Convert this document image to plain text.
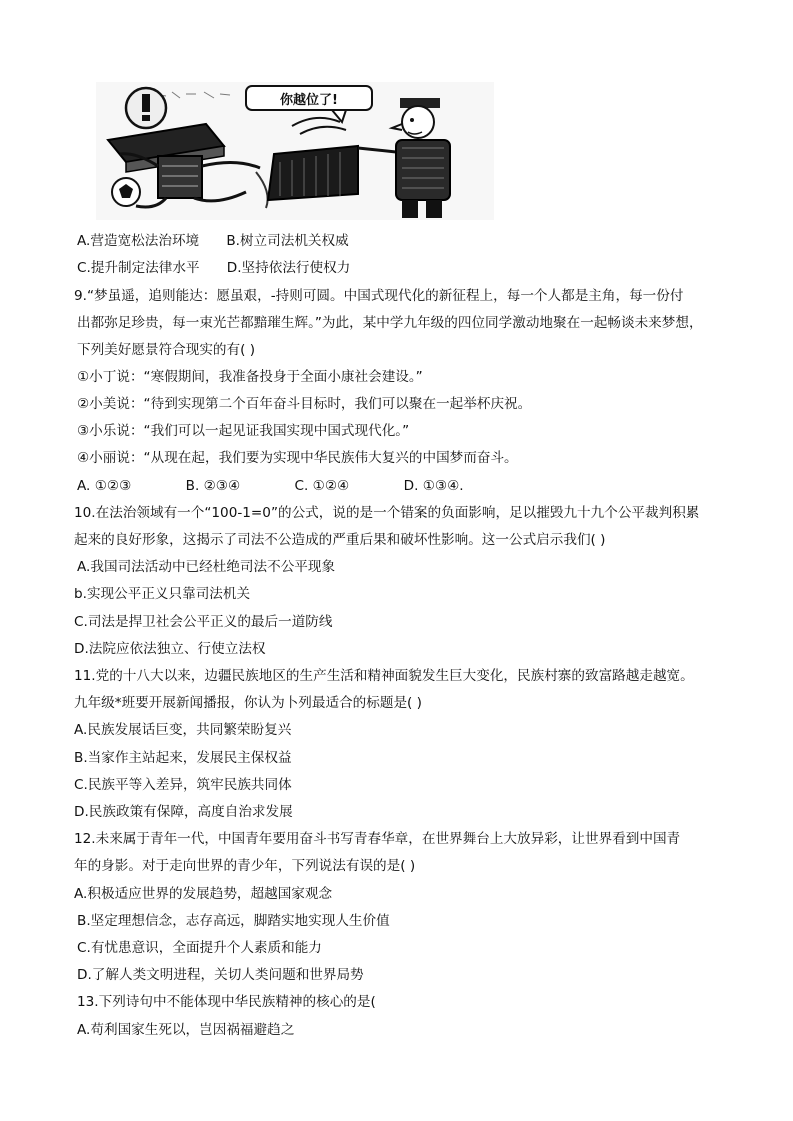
你越位了!
A.营造宽松法治环境　　B.树立司法机关权威
C.提升制定法律水平　　D.坚持依法行使权力
9.“梦虽遥，追则能达：愿虽艰，-持则可圆。中国式现代化的新征程上，每一个人都是主角，每一份付
出都弥足珍贵，每一束光芒都黯璀生辉。”为此，某中学九年级的四位同学激动地聚在一起畅谈未来梦想，
下列美好愿景符合现实的有( )
①小丁说：“寒假期间，我准备投身于全面小康社会建设。”
②小美说：“待到实现第二个百年奋斗目标时，我们可以聚在一起举杯庆祝。
③小乐说：“我们可以一起见证我国实现中国式现代化。”
④小丽说：“从现在起，我们要为实现中华民族伟大复兴的中国梦而奋斗。
A. ①②③　　　　B. ②③④　　　　C. ①②④　　　　D. ①③④.
10.在法治领域有一个“100-1=0”的公式，说的是一个错案的负面影响，足以摧毁九十九个公平裁判积累
起来的良好形象，这揭示了司法不公造成的严重后果和破坏性影响。这一公式启示我们( )
A.我国司法活动中已经杜绝司法不公平现象
b.实现公平正义只靠司法机关
C.司法是捍卫社会公平正义的最后一道防线
D.法院应依法独立、行使立法权
11.党的十八大以来，边疆民族地区的生产生活和精神面貌发生巨大变化，民族村寨的致富路越走越宽。
九年级*班要开展新闻播报，你认为卜列最适合的标题是( )
A.民族发展话巨变，共同繁荣盼复兴
B.当家作主站起来，发展民主保权益
C.民族平等入差异，筑牢民族共同体
D.民族政策有保障，高度自治求发展
12.未来属于青年一代，中国青年要用奋斗书写青春华章，在世界舞台上大放异彩，让世界看到中国青
年的身影。对于走向世界的青少年，下列说法有误的是( )
A.积极适应世界的发展趋势，超越国家观念
B.坚定理想信念，志存高远，脚踏实地实现人生价值
C.有忧患意识，全面提升个人素质和能力
D.了解人类文明进程，关切人类问题和世界局势
13.下列诗句中不能体现中华民族精神的核心的是(
A.苟利国家生死以，岂因祸福避趋之
